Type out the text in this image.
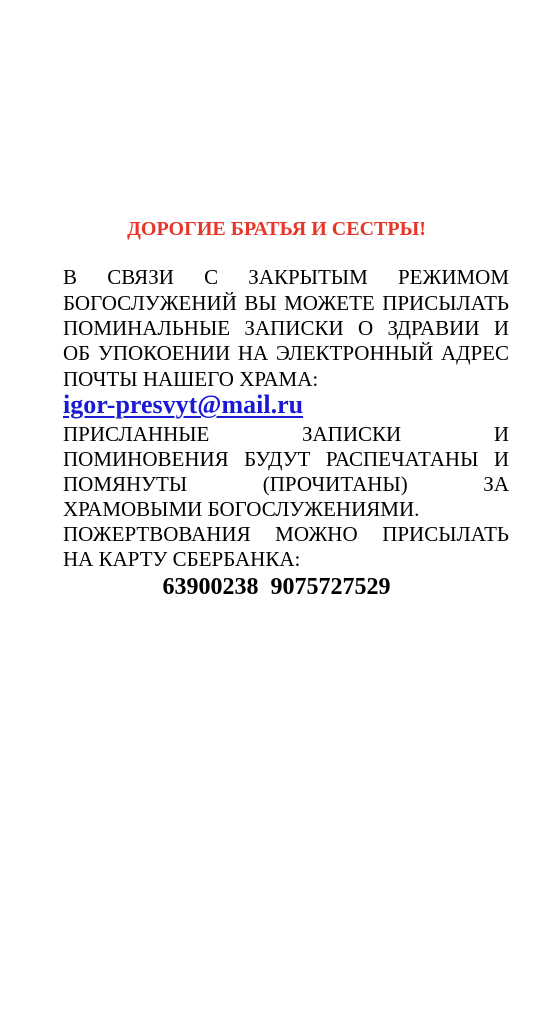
ДОРОГИЕ БРАТЬЯ И СЕСТРЫ!
В СВЯЗИ С ЗАКРЫТЫМ РЕЖИМОМ
БОГОСЛУЖЕНИЙ ВЫ МОЖЕТЕ ПРИСЫЛАТЬ
ПОМИНАЛЬНЫЕ ЗАПИСКИ О ЗДРАВИИ И
ОБ УПОКОЕНИИ НА ЭЛЕКТРОННЫЙ АДРЕС
ПОЧТЫ НАШЕГО ХРАМА:
igor-presvyt@mail.ru
ПРИСЛАННЫЕ ЗАПИСКИ И
ПОМИНОВЕНИЯ БУДУТ РАСПЕЧАТАНЫ И
ПОМЯНУТЫ (ПРОЧИТАНЫ) ЗА
ХРАМОВЫМИ БОГОСЛУЖЕНИЯМИ.
ПОЖЕРТВОВАНИЯ МОЖНО ПРИСЫЛАТЬ
НА КАРТУ СБЕРБАНКА:
63900238  9075727529
